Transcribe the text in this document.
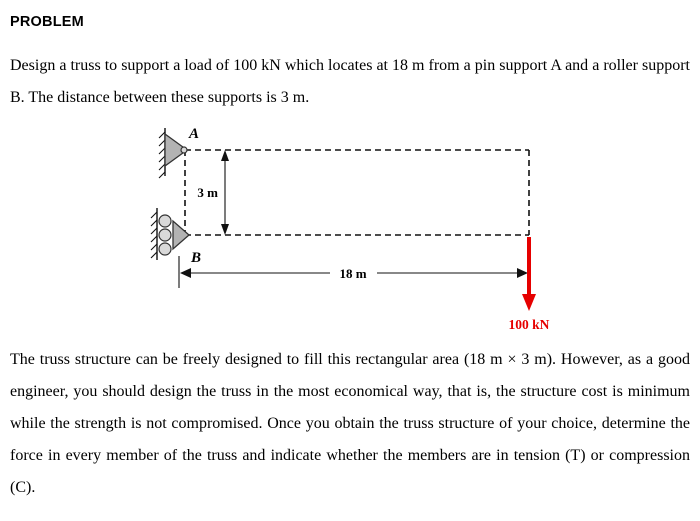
PROBLEM

Design a truss to support a load of 100 kN which locates at 18 m from a pin support A and a roller support B. The distance between these supports is 3 m.

A
B
3 m
18 m
100 kN

The truss structure can be freely designed to fill this rectangular area (18 m × 3 m). However, as a good engineer, you should design the truss in the most economical way, that is, the structure cost is minimum while the strength is not compromised. Once you obtain the truss structure of your choice, determine the force in every member of the truss and indicate whether the members are in tension (T) or compression (C).
